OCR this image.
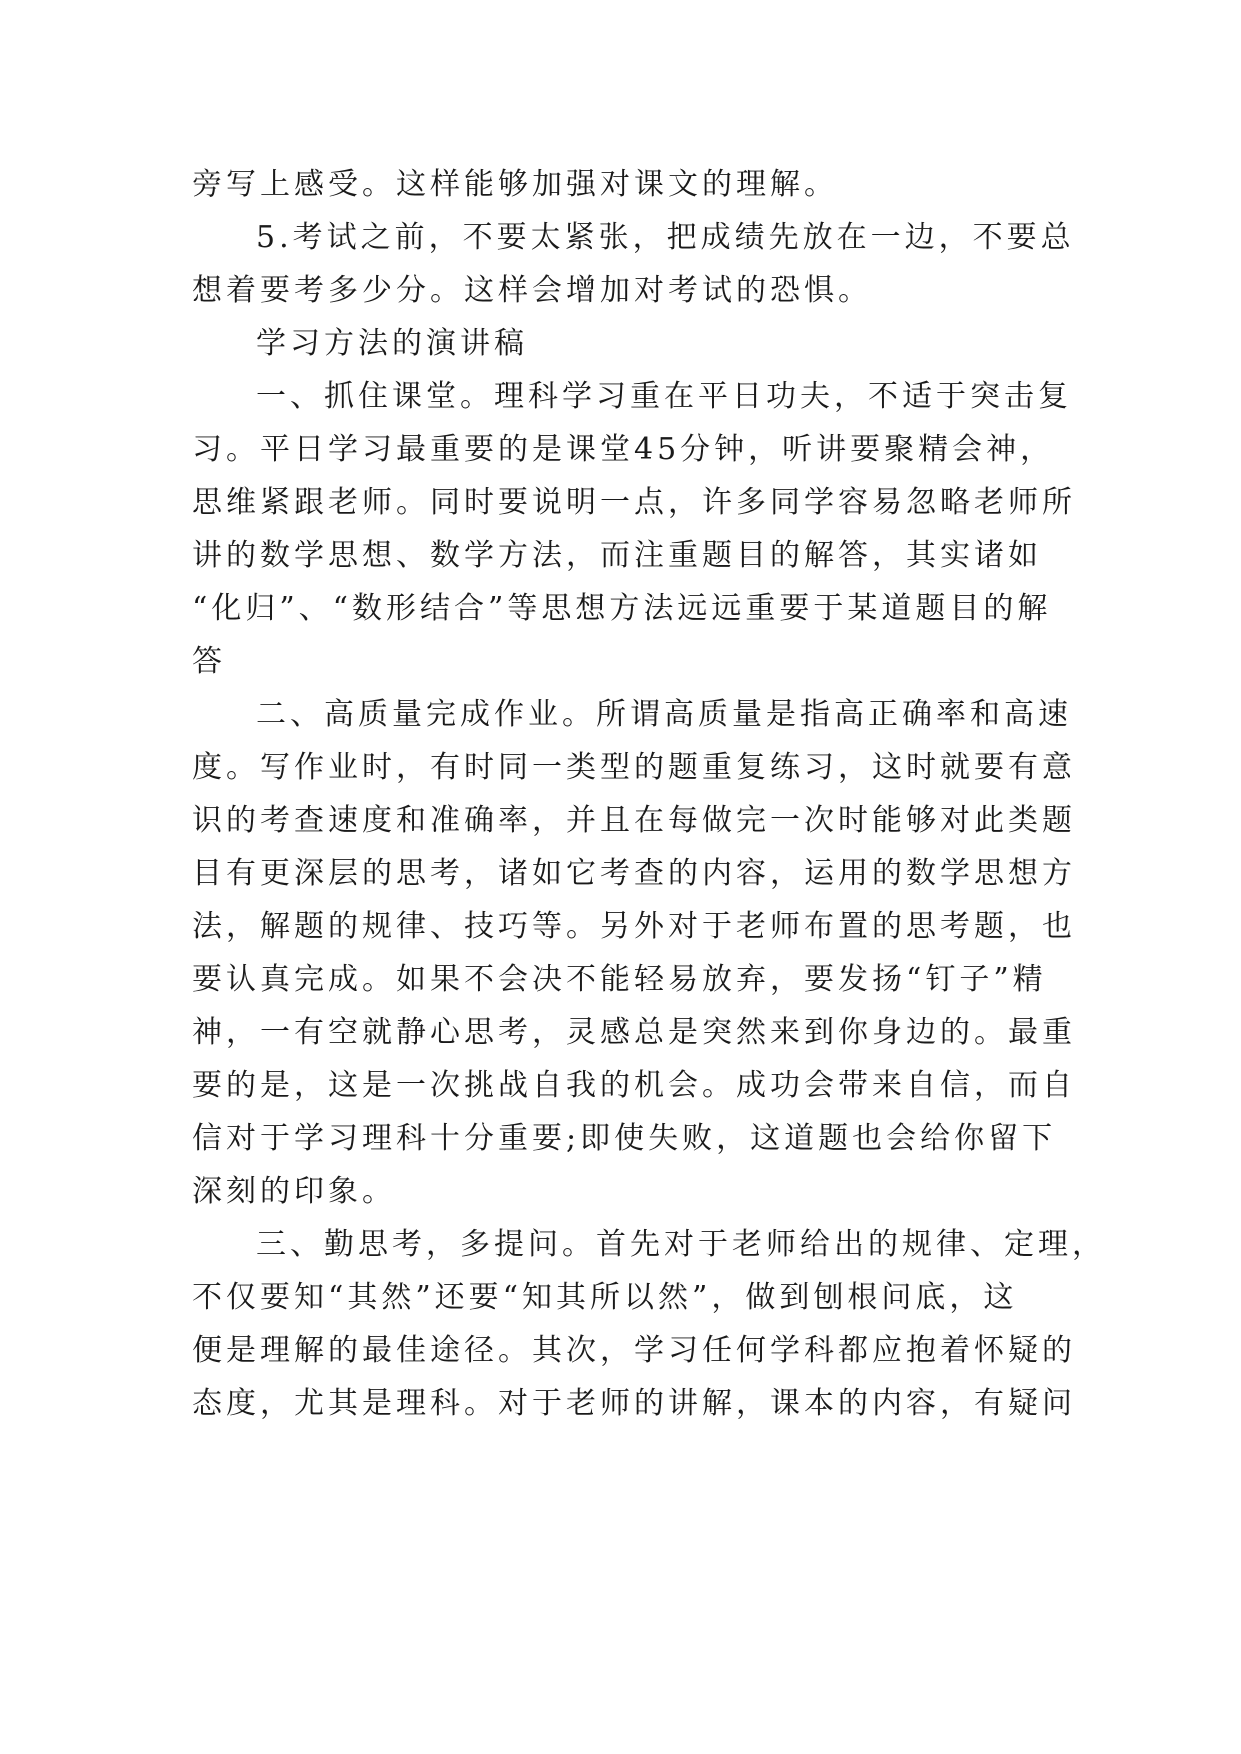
旁写上感受。这样能够加强对课文的理解。
5.考试之前，不要太紧张，把成绩先放在一边，不要总
想着要考多少分。这样会增加对考试的恐惧。
学习方法的演讲稿
一、抓住课堂。理科学习重在平日功夫，不适于突击复
习。平日学习最重要的是课堂45分钟，听讲要聚精会神，
思维紧跟老师。同时要说明一点，许多同学容易忽略老师所
讲的数学思想、数学方法，而注重题目的解答，其实诸如
“化归”、“数形结合”等思想方法远远重要于某道题目的解
答
二、高质量完成作业。所谓高质量是指高正确率和高速
度。写作业时，有时同一类型的题重复练习，这时就要有意
识的考查速度和准确率，并且在每做完一次时能够对此类题
目有更深层的思考，诸如它考查的内容，运用的数学思想方
法，解题的规律、技巧等。另外对于老师布置的思考题，也
要认真完成。如果不会决不能轻易放弃，要发扬“钉子”精
神，一有空就静心思考，灵感总是突然来到你身边的。最重
要的是，这是一次挑战自我的机会。成功会带来自信，而自
信对于学习理科十分重要;即使失败，这道题也会给你留下
深刻的印象。
三、勤思考，多提问。首先对于老师给出的规律、定理，
不仅要知“其然”还要“知其所以然”，做到刨根问底，这
便是理解的最佳途径。其次，学习任何学科都应抱着怀疑的
态度，尤其是理科。对于老师的讲解，课本的内容，有疑问
